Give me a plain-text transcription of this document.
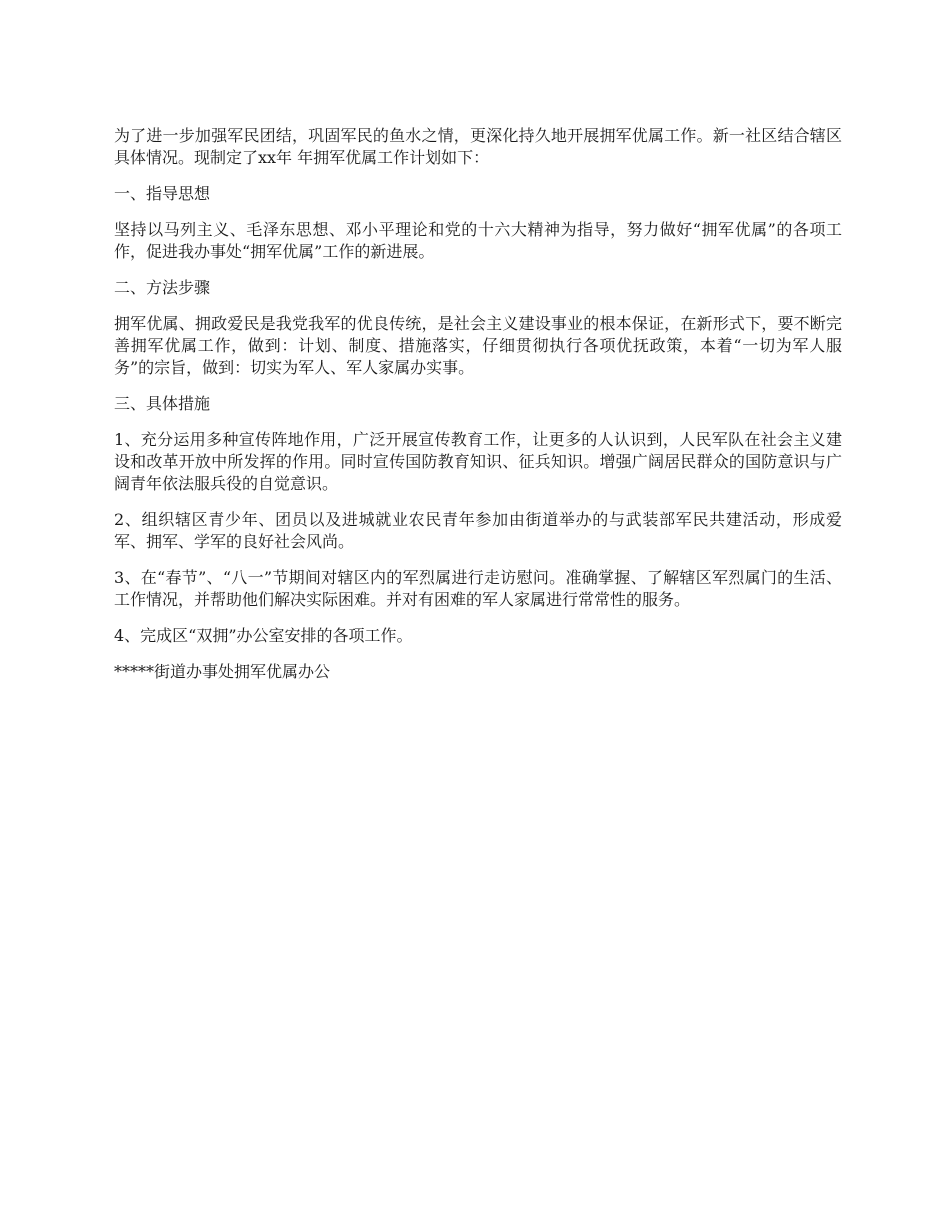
为了进一步加强军民团结，巩固军民的鱼水之情，更深化持久地开展拥军优属工作。新一社区结合辖区具体情况。现制定了xx年 年拥军优属工作计划如下：

一、指导思想

坚持以马列主义、毛泽东思想、邓小平理论和党的十六大精神为指导，努力做好“拥军优属”的各项工作，促进我办事处“拥军优属”工作的新进展。

二、方法步骤

拥军优属、拥政爱民是我党我军的优良传统，是社会主义建设事业的根本保证，在新形式下，要不断完善拥军优属工作，做到：计划、制度、措施落实，仔细贯彻执行各项优抚政策，本着“一切为军人服务”的宗旨，做到：切实为军人、军人家属办实事。

三、具体措施

1、充分运用多种宣传阵地作用，广泛开展宣传教育工作，让更多的人认识到，人民军队在社会主义建设和改革开放中所发挥的作用。同时宣传国防教育知识、征兵知识。增强广阔居民群众的国防意识与广阔青年依法服兵役的自觉意识。

2、组织辖区青少年、团员以及进城就业农民青年参加由街道举办的与武装部军民共建活动，形成爱军、拥军、学军的良好社会风尚。

3、在“春节”、“八一”节期间对辖区内的军烈属进行走访慰问。准确掌握、了解辖区军烈属门的生活、工作情况，并帮助他们解决实际困难。并对有困难的军人家属进行常常性的服务。

4、完成区“双拥”办公室安排的各项工作。

*****街道办事处拥军优属办公
